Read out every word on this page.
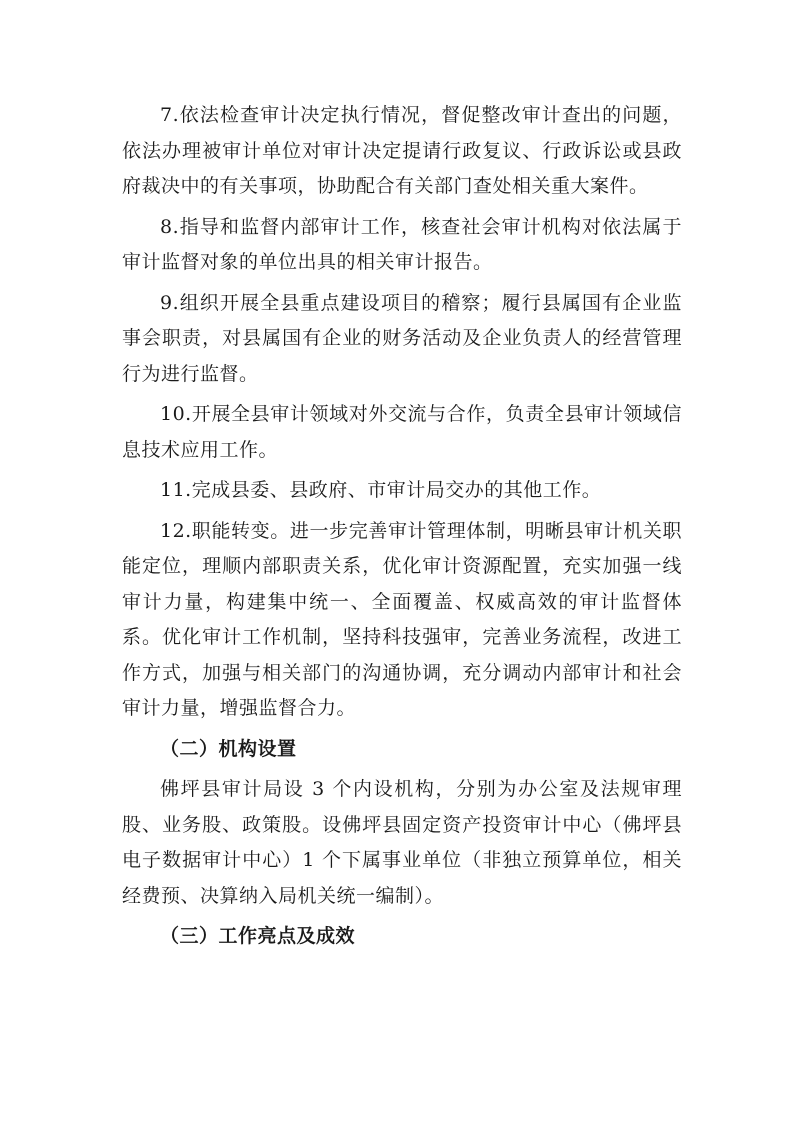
7.依法检查审计决定执行情况，督促整改审计查出的问题，依法办理被审计单位对审计决定提请行政复议、行政诉讼或县政府裁决中的有关事项，协助配合有关部门查处相关重大案件。

8.指导和监督内部审计工作，核查社会审计机构对依法属于审计监督对象的单位出具的相关审计报告。

9.组织开展全县重点建设项目的稽察；履行县属国有企业监事会职责，对县属国有企业的财务活动及企业负责人的经营管理行为进行监督。

10.开展全县审计领域对外交流与合作，负责全县审计领域信息技术应用工作。

11.完成县委、县政府、市审计局交办的其他工作。

12.职能转变。进一步完善审计管理体制，明晰县审计机关职能定位，理顺内部职责关系，优化审计资源配置，充实加强一线审计力量，构建集中统一、全面覆盖、权威高效的审计监督体系。优化审计工作机制，坚持科技强审，完善业务流程，改进工作方式，加强与相关部门的沟通协调，充分调动内部审计和社会审计力量，增强监督合力。

（二）机构设置

佛坪县审计局设 3 个内设机构，分别为办公室及法规审理股、业务股、政策股。设佛坪县固定资产投资审计中心（佛坪县电子数据审计中心）1 个下属事业单位（非独立预算单位，相关经费预、决算纳入局机关统一编制）。

（三）工作亮点及成效
